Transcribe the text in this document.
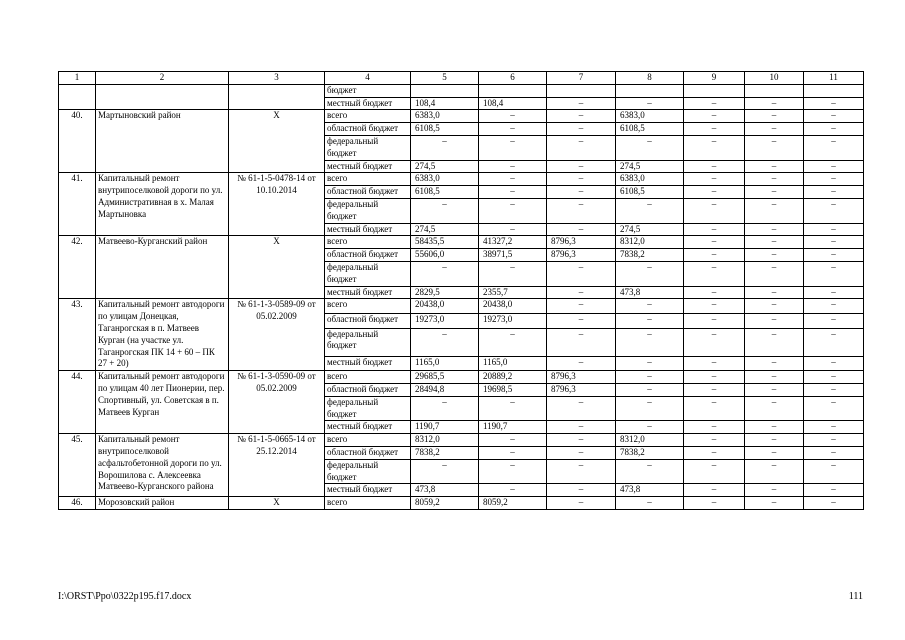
1	2	3	4	5	6	7	8	9	10	11
			бюджет							
			местный бюджет	108,4	108,4	–	–	–	–	–
40.	Мартыновский район	Х	всего	6383,0	–	–	6383,0	–	–	–
			областной бюджет	6108,5	–	–	6108,5	–	–	–
			федеральный бюджет	–	–	–	–	–	–	–
			местный бюджет	274,5	–	–	274,5	–	–	–
41.	Капитальный ремонт внутрипоселковой дороги по ул. Административная в х. Малая Мартыновка	№ 61-1-5-0478-14 от 10.10.2014	всего	6383,0	–	–	6383,0	–	–	–
			областной бюджет	6108,5	–	–	6108,5	–	–	–
			федеральный бюджет	–	–	–	–	–	–	–
			местный бюджет	274,5	–	–	274,5	–	–	–
42.	Матвеево-Курганский район	Х	всего	58435,5	41327,2	8796,3	8312,0	–	–	–
			областной бюджет	55606,0	38971,5	8796,3	7838,2	–	–	–
			федеральный бюджет	–	–	–	–	–	–	–
			местный бюджет	2829,5	2355,7	–	473,8	–	–	–
43.	Капитальный ремонт автодороги по улицам Донецкая, Таганрогская в п. Матвеев Курган (на участке ул. Таганрогская ПК 14 + 60 – ПК 27 + 20)	№ 61-1-3-0589-09 от 05.02.2009	всего	20438,0	20438,0	–	–	–	–	–
			областной бюджет	19273,0	19273,0	–	–	–	–	–
			федеральный бюджет	–	–	–	–	–	–	–
			местный бюджет	1165,0	1165,0	–	–	–	–	–
44.	Капитальный ремонт автодороги по улицам 40 лет Пионерии, пер. Спортивный, ул. Советская в п. Матвеев Курган	№ 61-1-3-0590-09 от 05.02.2009	всего	29685,5	20889,2	8796,3	–	–	–	–
			областной бюджет	28494,8	19698,5	8796,3	–	–	–	–
			федеральный бюджет	–	–	–	–	–	–	–
			местный бюджет	1190,7	1190,7	–	–	–	–	–
45.	Капитальный ремонт внутрипоселковой асфальтобетонной дороги по ул. Ворошилова с. Алексеевка Матвеево-Курганского района	№ 61-1-5-0665-14 от 25.12.2014	всего	8312,0	–	–	8312,0	–	–	–
			областной бюджет	7838,2	–	–	7838,2	–	–	–
			федеральный бюджет	–	–	–	–	–	–	–
			местный бюджет	473,8	–	–	473,8	–	–	–
46.	Морозовский район	Х	всего	8059,2	8059,2	–	–	–	–	–
I:\ORST\Ppo\0322p195.f17.docx	111
